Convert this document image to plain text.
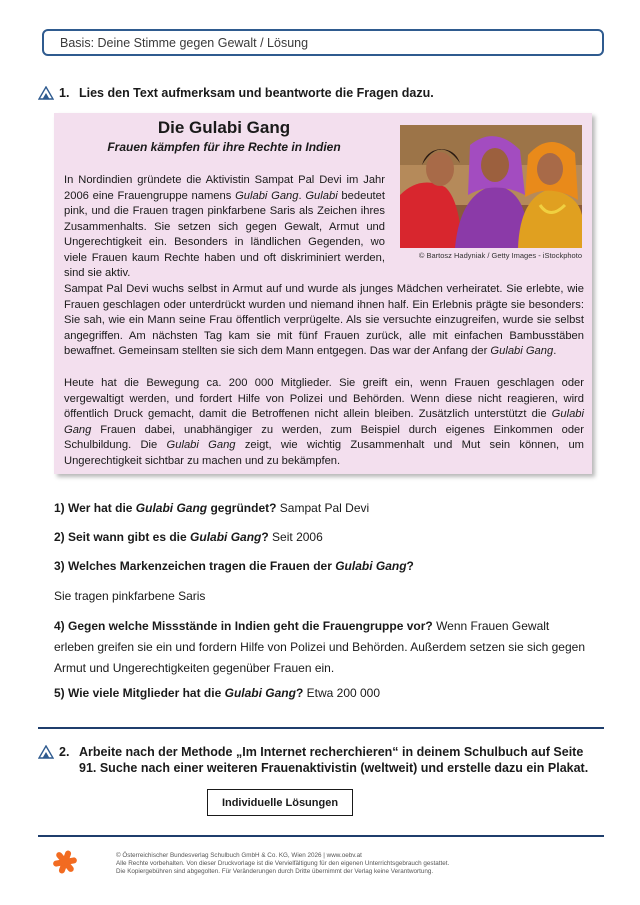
Basis: Deine Stimme gegen Gewalt / Lösung
1. Lies den Text aufmerksam und beantworte die Fragen dazu.
Die Gulabi Gang
Frauen kämpfen für ihre Rechte in Indien
© Bartosz Hadyniak / Getty Images - iStockphoto

In Nordindien gründete die Aktivistin Sampat Pal Devi im Jahr 2006 eine Frauengruppe namens Gulabi Gang. Gulabi bedeutet pink, und die Frauen tragen pinkfarbene Saris als Zeichen ihres Zusammenhalts. Sie setzen sich gegen Gewalt, Armut und Ungerechtigkeit ein. Besonders in ländlichen Gegenden, wo viele Frauen kaum Rechte haben und oft diskriminiert werden, sind sie aktiv.

Sampat Pal Devi wuchs selbst in Armut auf und wurde als junges Mädchen verheiratet. Sie erlebte, wie Frauen geschlagen oder unterdrückt wurden und niemand ihnen half. Ein Erlebnis prägte sie besonders: Sie sah, wie ein Mann seine Frau öffentlich verprügelte. Als sie versuchte einzugreifen, wurde sie selbst angegriffen. Am nächsten Tag kam sie mit fünf Frauen zurück, alle mit einfachen Bambusstäben bewaffnet. Gemeinsam stellten sie sich dem Mann entgegen. Das war der Anfang der Gulabi Gang.

Heute hat die Bewegung ca. 200 000 Mitglieder. Sie greift ein, wenn Frauen geschlagen oder vergewaltigt werden, und fordert Hilfe von Polizei und Behörden. Wenn diese nicht reagieren, wird öffentlich Druck gemacht, damit die Betroffenen nicht allein bleiben. Zusätzlich unterstützt die Gulabi Gang Frauen dabei, unabhängiger zu werden, zum Beispiel durch eigenes Einkommen oder Schulbildung. Die Gulabi Gang zeigt, wie wichtig Zusammenhalt und Mut sein können, um Ungerechtigkeit sichtbar zu machen und zu bekämpfen.

1) Wer hat die Gulabi Gang gegründet? Sampat Pal Devi
2) Seit wann gibt es die Gulabi Gang? Seit 2006
3) Welches Markenzeichen tragen die Frauen der Gulabi Gang?
Sie tragen pinkfarbene Saris
4) Gegen welche Missstände in Indien geht die Frauengruppe vor? Wenn Frauen Gewalt erleben greifen sie ein und fordern Hilfe von Polizei und Behörden. Außerdem setzen sie sich gegen Armut und Ungerechtigkeiten gegenüber Frauen ein.
5) Wie viele Mitglieder hat die Gulabi Gang? Etwa 200 000
2. Arbeite nach der Methode „Im Internet recherchieren“ in deinem Schulbuch auf Seite
91. Suche nach einer weiteren Frauenaktivistin (weltweit) und erstelle dazu ein Plakat.
Individuelle Lösungen
© Österreichischer Bundesverlag Schulbuch GmbH & Co. KG, Wien 2026 | www.oebv.at
Alle Rechte vorbehalten. Von dieser Druckvorlage ist die Vervielfältigung für den eigenen Unterrichtsgebrauch gestattet.
Die Kopiergebühren sind abgegolten. Für Veränderungen durch Dritte übernimmt der Verlag keine Verantwortung.
